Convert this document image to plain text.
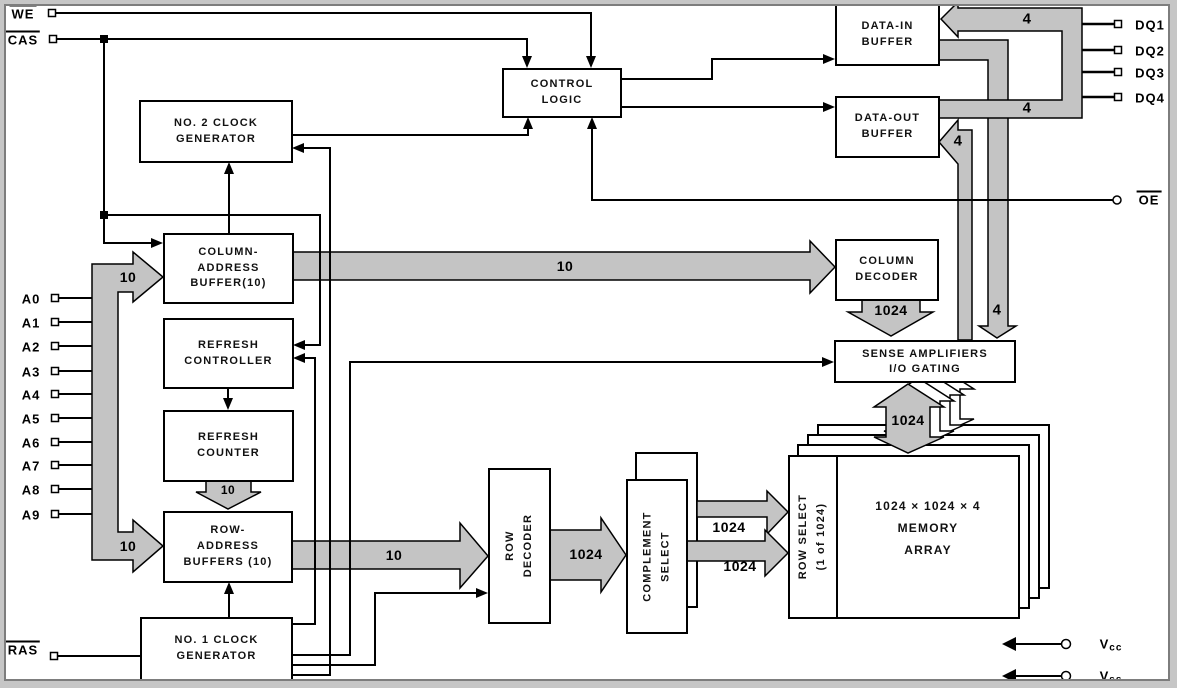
NO. 2 CLOCK
GENERATOR
CONTROL
LOGIC
DATA-IN
BUFFER
DATA-OUT
BUFFER
COLUMN-
ADDRESS
BUFFER(10)
REFRESH
CONTROLLER
REFRESH
COUNTER
ROW-
ADDRESS
BUFFERS (10)
NO. 1 CLOCK
GENERATOR
COLUMN
DECODER
SENSE AMPLIFIERS
I/O GATING
ROW DECODER	COMPLEMENT SELECT	ROW SELECT (1 of 1024)	1024 × 1024 × 4
MEMORY
ARRAY
10
10
10
10
10
1024
1024
1024
1024
1024
4
4
4
4
WE
CAS
RAS
OE
A0
A1
A2
A3
A4
A5
A6
A7
A8
A9
DQ1
DQ2
DQ3
DQ4
$V_{cc}$
$V_{ss}$
